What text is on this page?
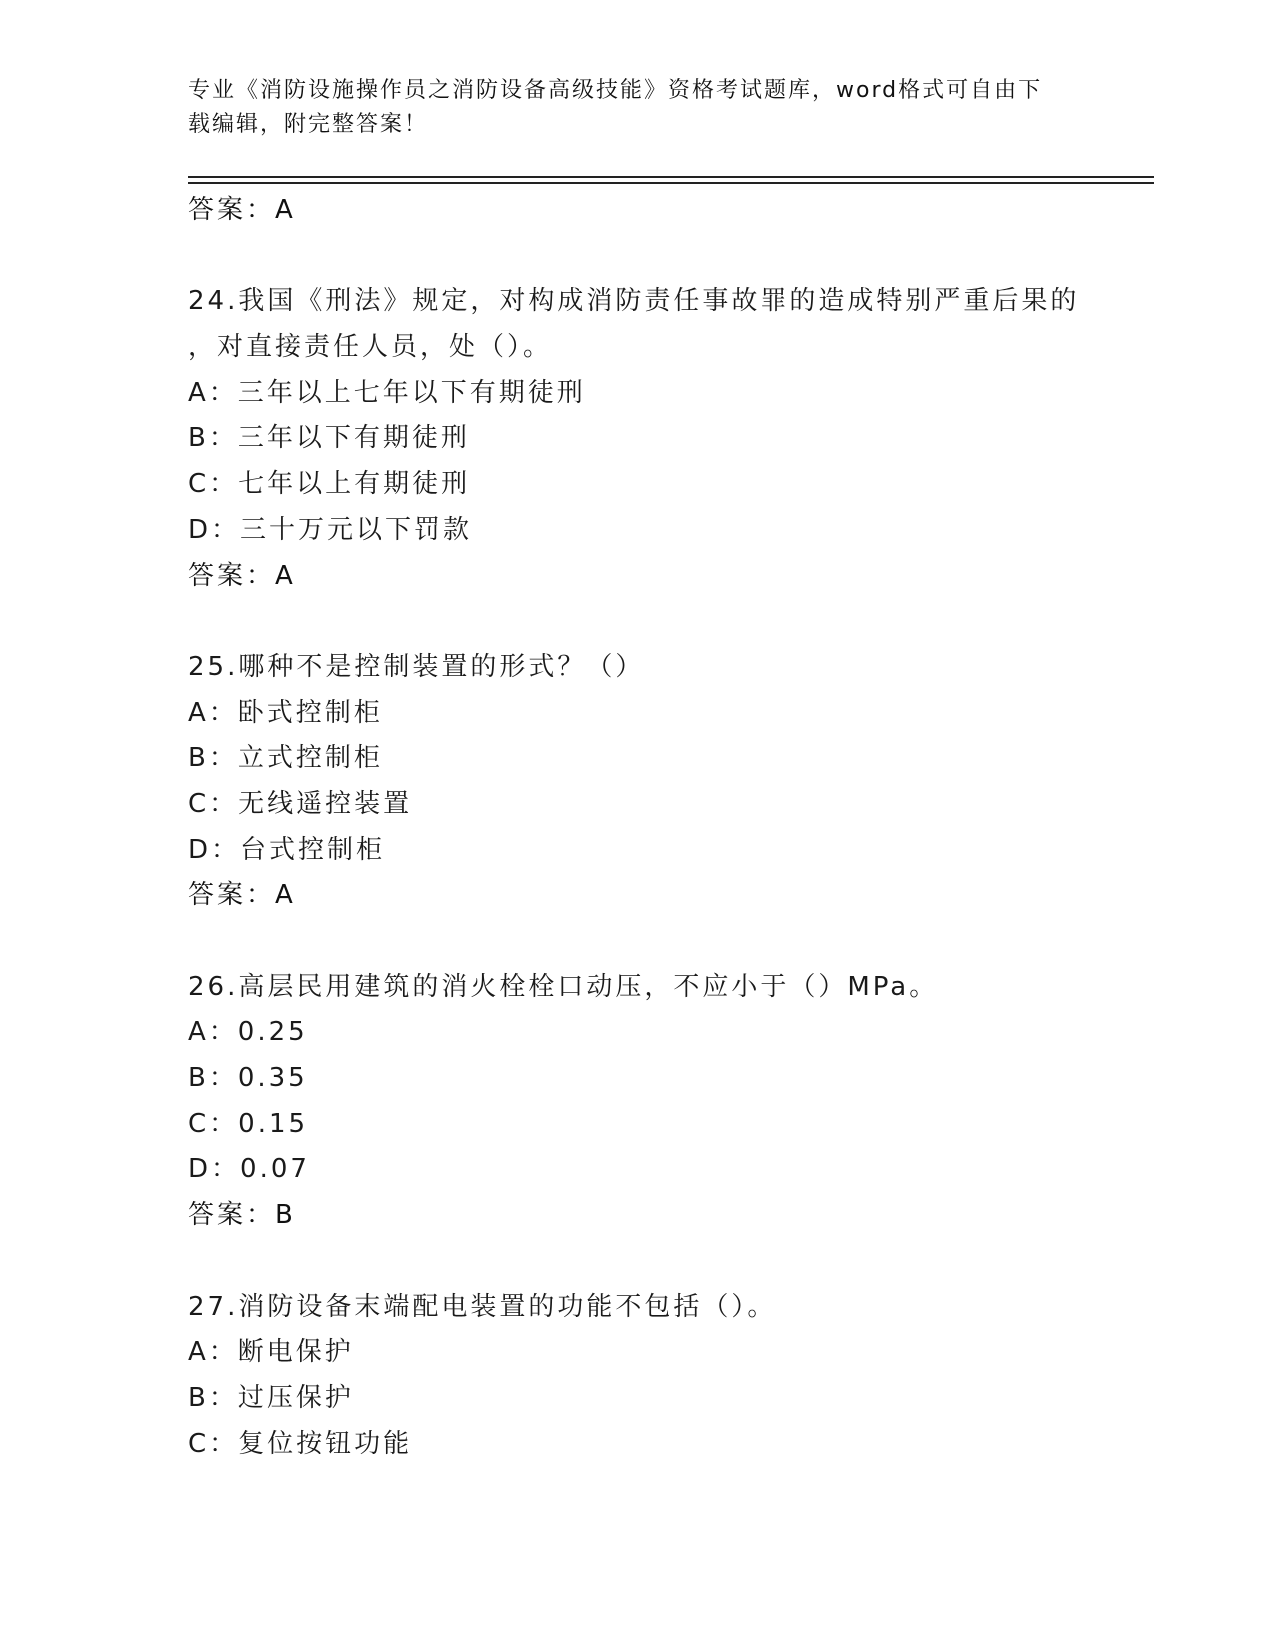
专业《消防设施操作员之消防设备高级技能》资格考试题库，word格式可自由下
载编辑，附完整答案！
答案：A
24.我国《刑法》规定，对构成消防责任事故罪的造成特别严重后果的
，对直接责任人员，处（）。
A：三年以上七年以下有期徒刑
B：三年以下有期徒刑
C：七年以上有期徒刑
D：三十万元以下罚款
答案：A
25.哪种不是控制装置的形式？（）
A：卧式控制柜
B：立式控制柜
C：无线遥控装置
D：台式控制柜
答案：A
26.高层民用建筑的消火栓栓口动压，不应小于（）MPa。
A：0.25
B：0.35
C：0.15
D：0.07
答案：B
27.消防设备末端配电装置的功能不包括（）。
A：断电保护
B：过压保护
C：复位按钮功能
